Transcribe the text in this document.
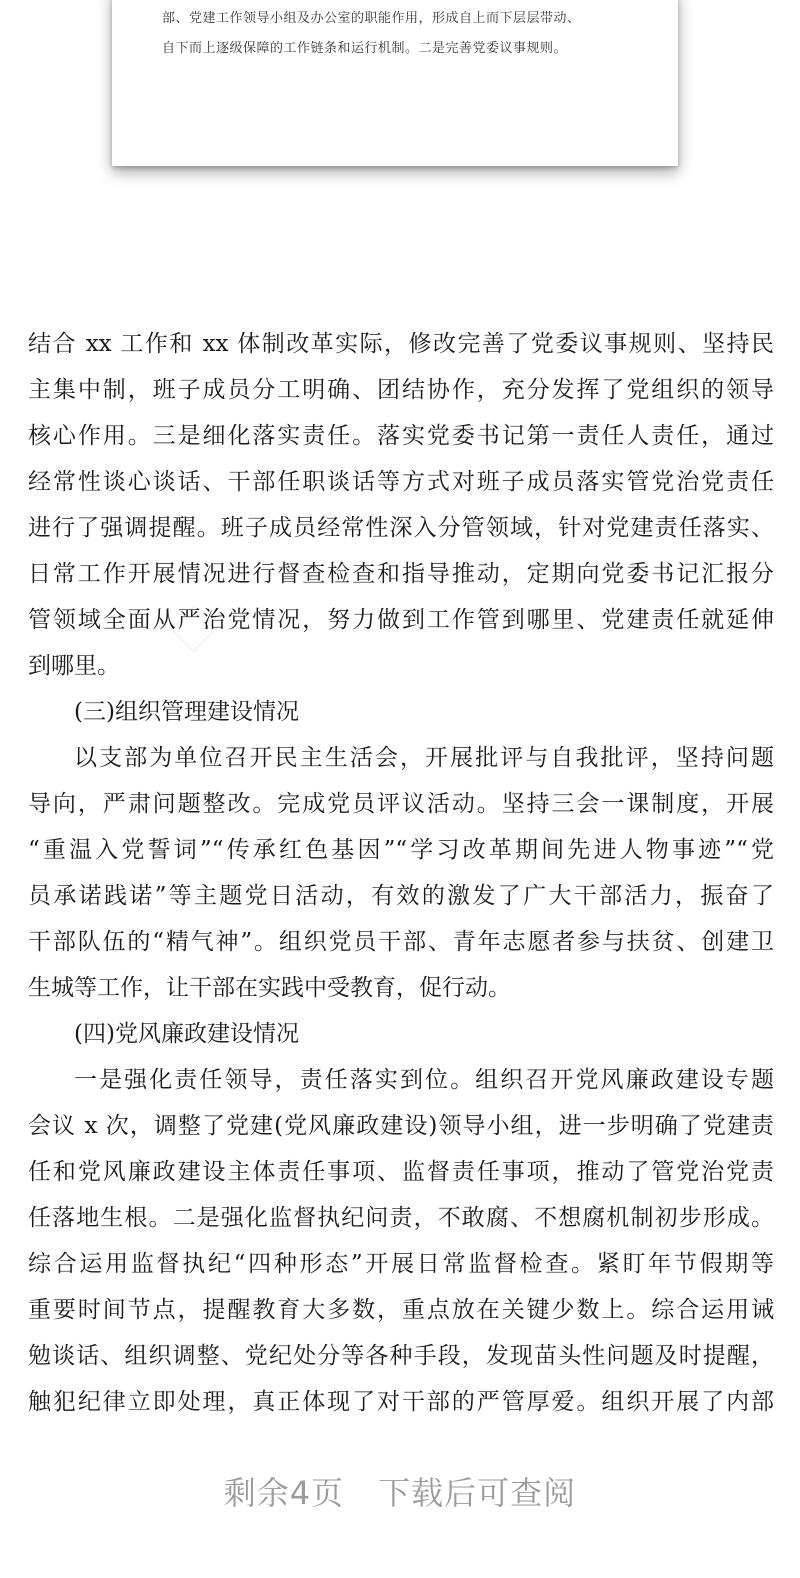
部、党建工作领导小组及办公室的职能作用，形成自上而下层层带动、
自下而上逐级保障的工作链条和运行机制。二是完善党委议事规则。
结合 xx 工作和 xx 体制改革实际，修改完善了党委议事规则、坚持民
主集中制，班子成员分工明确、团结协作，充分发挥了党组织的领导
核心作用。三是细化落实责任。落实党委书记第一责任人责任，通过
经常性谈心谈话、干部任职谈话等方式对班子成员落实管党治党责任
进行了强调提醒。班子成员经常性深入分管领域，针对党建责任落实、
日常工作开展情况进行督查检查和指导推动，定期向党委书记汇报分
管领域全面从严治党情况，努力做到工作管到哪里、党建责任就延伸
到哪里。
(三)组织管理建设情况
以支部为单位召开民主生活会，开展批评与自我批评，坚持问题
导向，严肃问题整改。完成党员评议活动。坚持三会一课制度，开展
“重温入党誓词”“传承红色基因”“学习改革期间先进人物事迹”“党
员承诺践诺”等主题党日活动，有效的激发了广大干部活力，振奋了
干部队伍的“精气神”。组织党员干部、青年志愿者参与扶贫、创建卫
生城等工作，让干部在实践中受教育，促行动。
(四)党风廉政建设情况
一是强化责任领导，责任落实到位。组织召开党风廉政建设专题
会议 x 次，调整了党建(党风廉政建设)领导小组，进一步明确了党建责
任和党风廉政建设主体责任事项、监督责任事项，推动了管党治党责
任落地生根。二是强化监督执纪问责，不敢腐、不想腐机制初步形成。
综合运用监督执纪“四种形态”开展日常监督检查。紧盯年节假期等
重要时间节点，提醒教育大多数，重点放在关键少数上。综合运用诫
勉谈话、组织调整、党纪处分等各种手段，发现苗头性问题及时提醒，
触犯纪律立即处理，真正体现了对干部的严管厚爱。组织开展了内部
剩余4页 下载后可查阅
